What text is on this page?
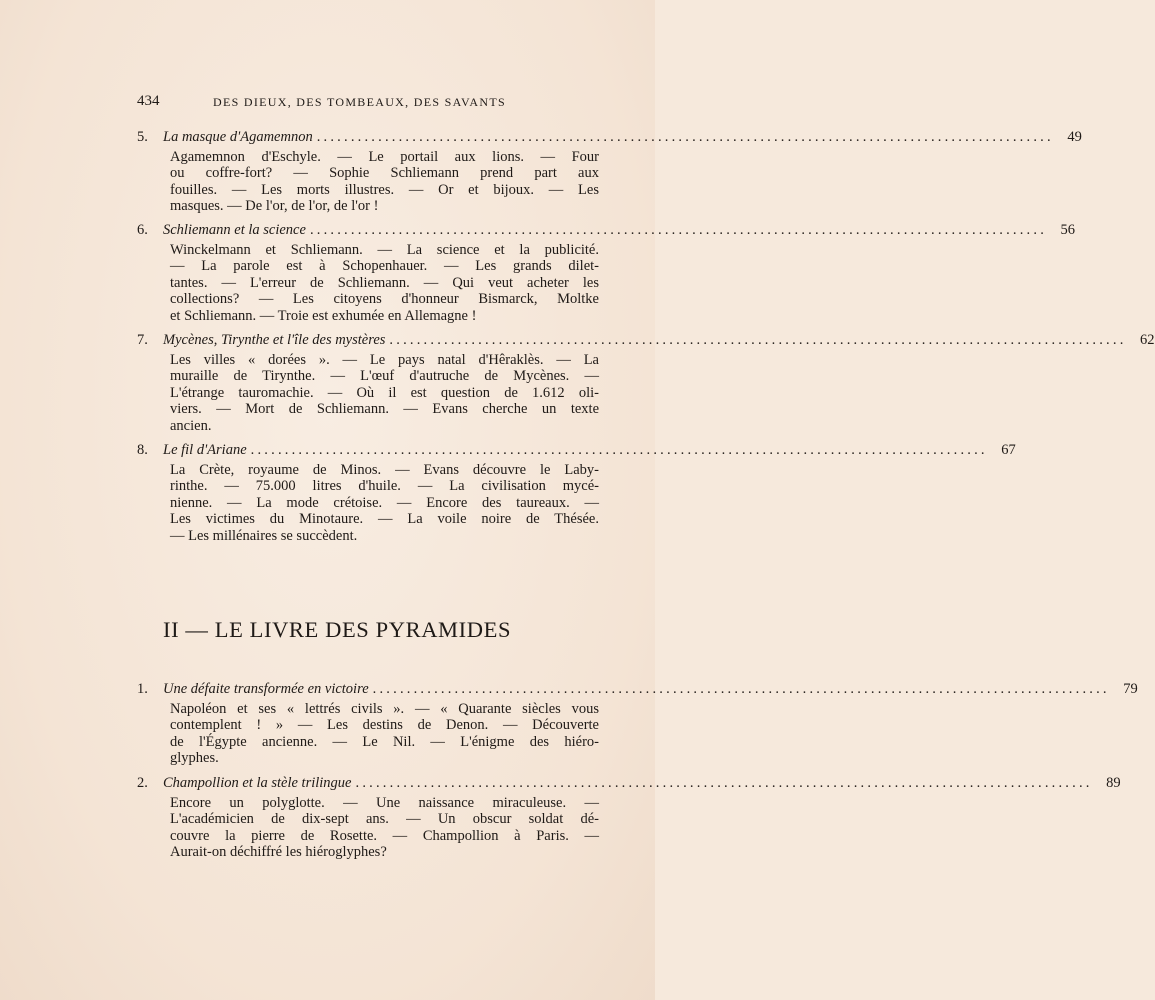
434	DES DIEUX, DES TOMBEAUX, DES SAVANTS
5.	La masque d'Agamemnon ............................................................................................................ 49
Agamemnon d'Eschyle. — Le portail aux lions. — Four
ou coffre-fort? — Sophie Schliemann prend part aux
fouilles. — Les morts illustres. — Or et bijoux. — Les
masques. — De l'or, de l'or, de l'or !
6.	Schliemann et la science ............................................................................................................ 56
Winckelmann et Schliemann. — La science et la publicité.
— La parole est à Schopenhauer. — Les grands dilet-
tantes. — L'erreur de Schliemann. — Qui veut acheter les
collections? — Les citoyens d'honneur Bismarck, Moltke
et Schliemann. — Troie est exhumée en Allemagne !
7.	Mycènes, Tirynthe et l'île des mystères ............................................................................................................ 62
Les villes « dorées ». — Le pays natal d'Hêraklès. — La
muraille de Tirynthe. — L'œuf d'autruche de Mycènes. —
L'étrange tauromachie. — Où il est question de 1.612 oli-
viers. — Mort de Schliemann. — Evans cherche un texte
ancien.
8.	Le fil d'Ariane ............................................................................................................ 67
La Crète, royaume de Minos. — Evans découvre le Laby-
rinthe. — 75.000 litres d'huile. — La civilisation mycé-
nienne. — La mode crétoise. — Encore des taureaux. —
Les victimes du Minotaure. — La voile noire de Thésée.
— Les millénaires se succèdent.
II — LE LIVRE DES PYRAMIDES
1.	Une défaite transformée en victoire ............................................................................................................ 79
Napoléon et ses « lettrés civils ». — « Quarante siècles vous
contemplent ! » — Les destins de Denon. — Découverte
de l'Égypte ancienne. — Le Nil. — L'énigme des hiéro-
glyphes.
2.	Champollion et la stèle trilingue ............................................................................................................ 89
Encore un polyglotte. — Une naissance miraculeuse. —
L'académicien de dix-sept ans. — Un obscur soldat dé-
couvre la pierre de Rosette. — Champollion à Paris. —
Aurait-on déchiffré les hiéroglyphes?
